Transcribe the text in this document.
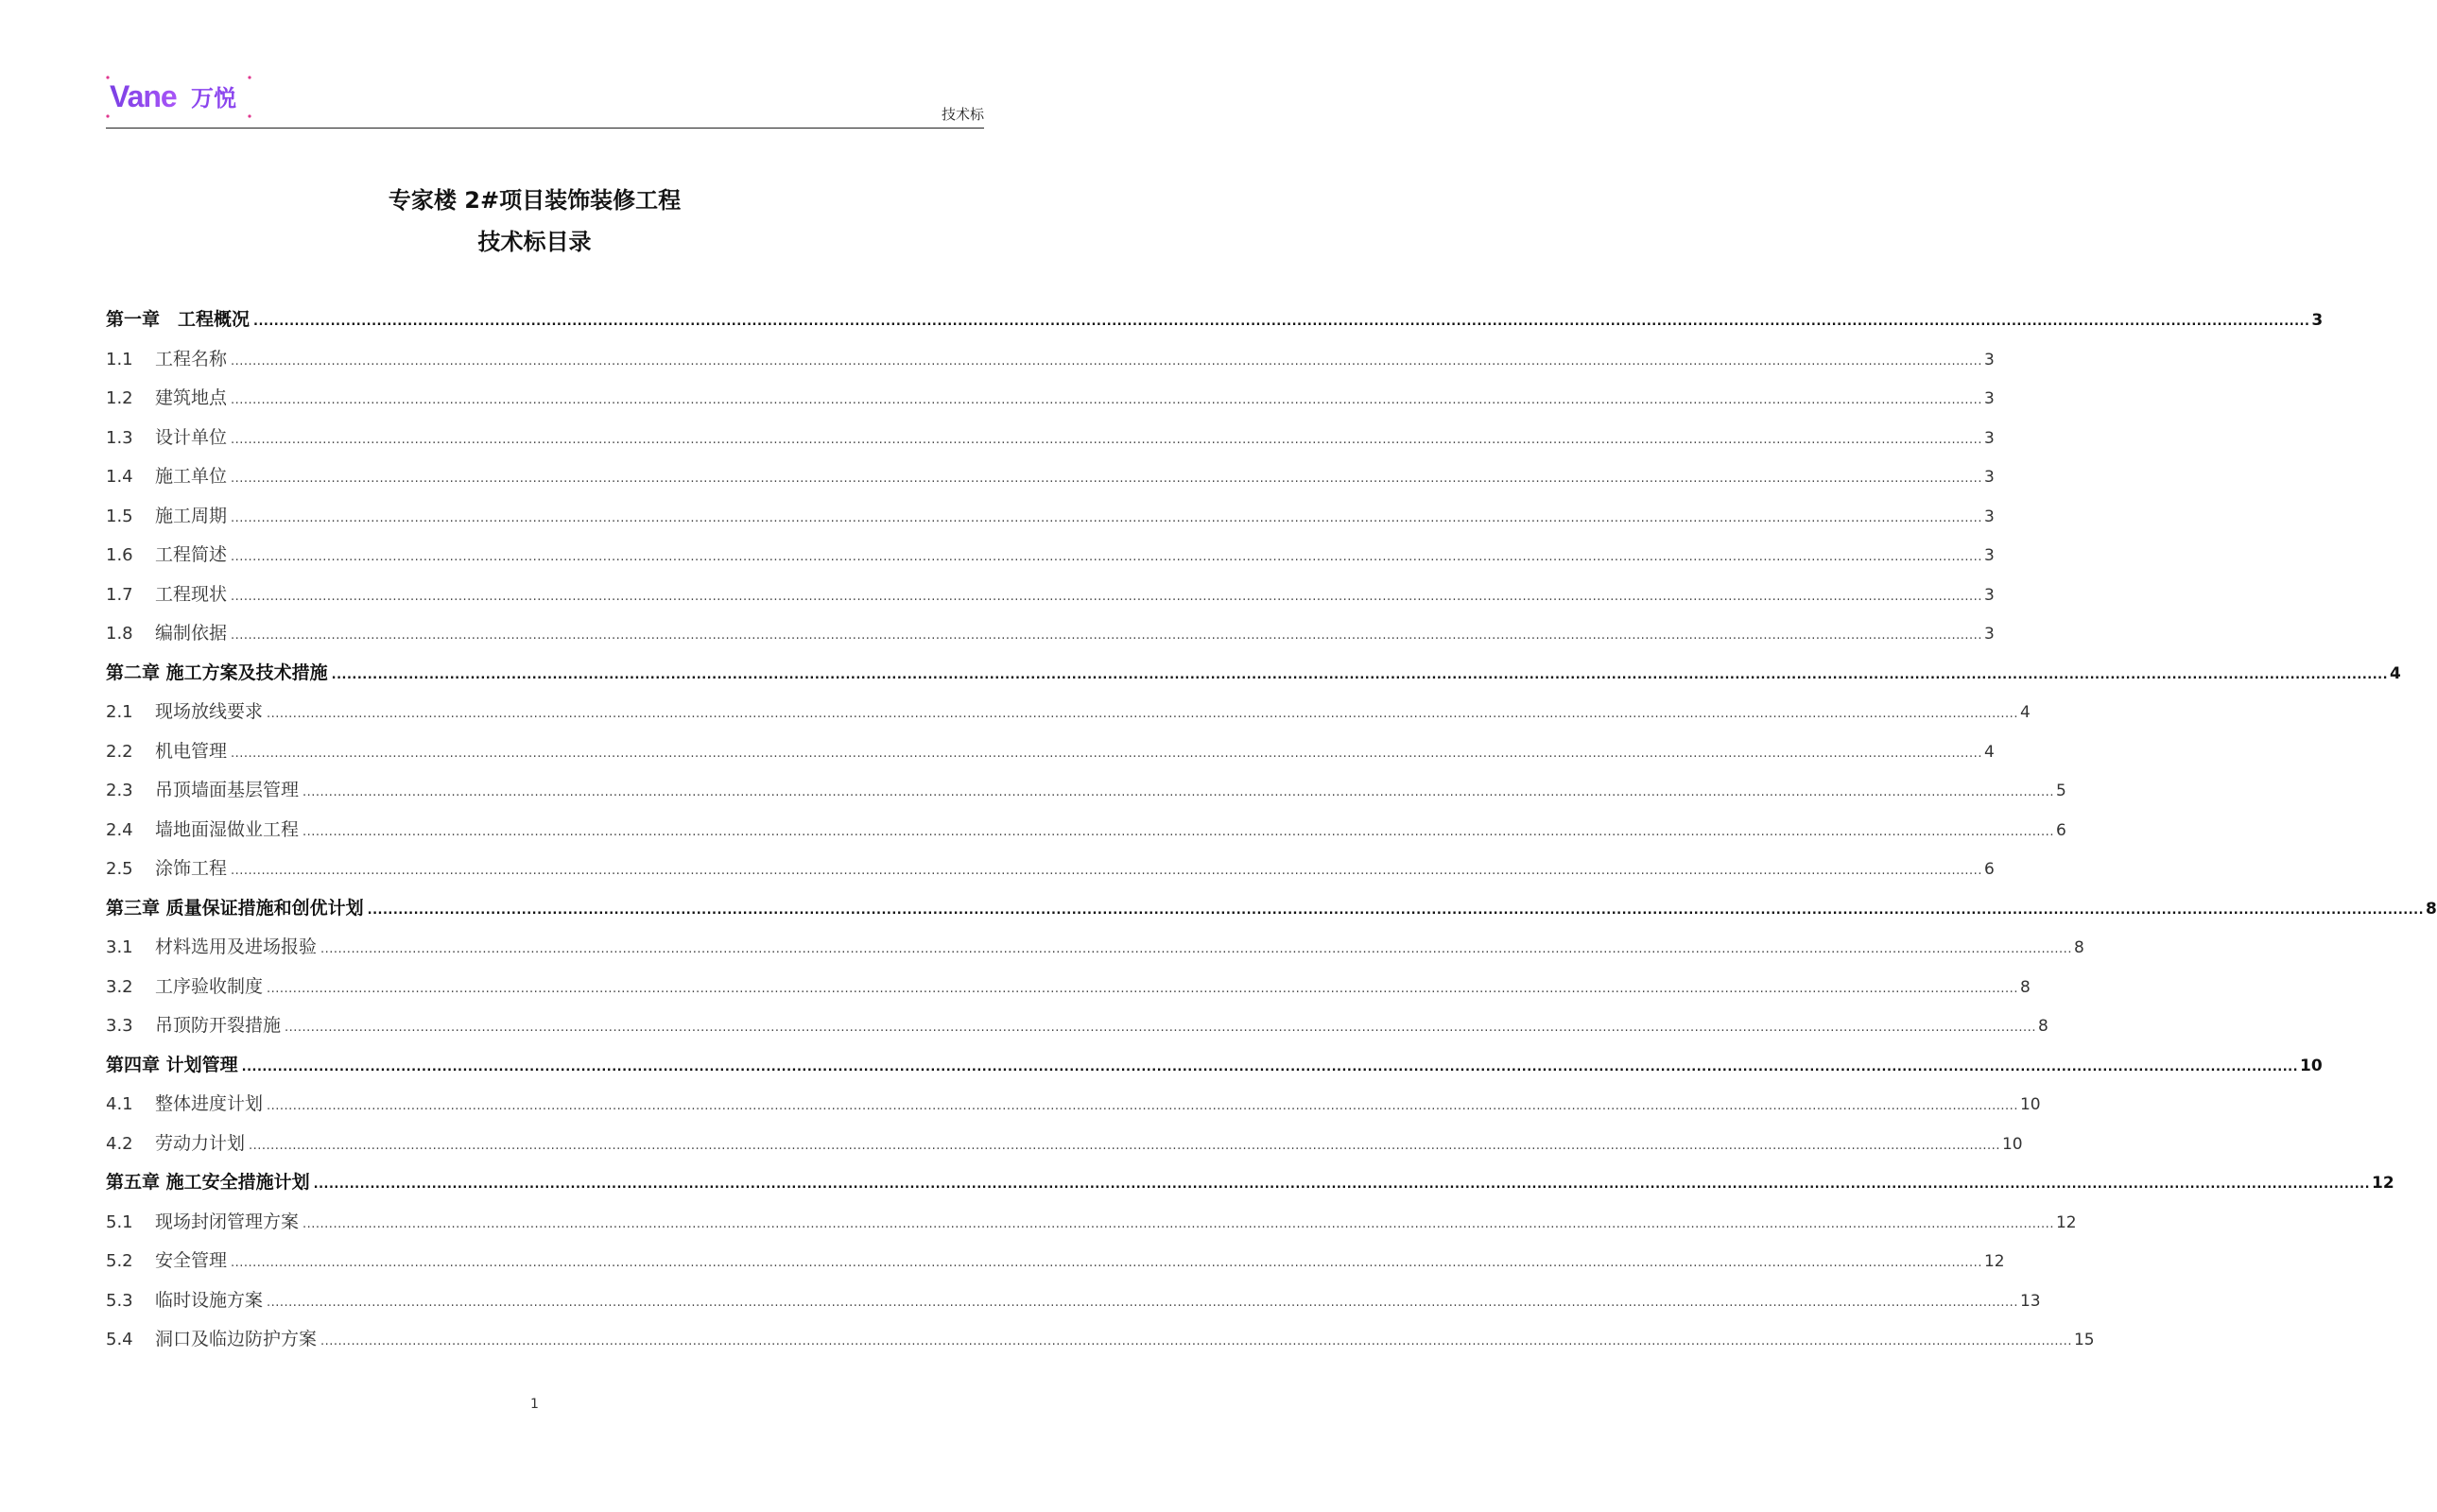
Vane 万悦
技术标
专家楼 2#项目装饰装修工程
技术标目录
第一章　工程概况 ................................................................................................................................................................................................................................................................................................................................................................................................................ 3
1.1	工程名称 ................................................................................................................................................................................................................................................................................................................................................................................................................ 3
1.2	建筑地点 ................................................................................................................................................................................................................................................................................................................................................................................................................ 3
1.3	设计单位 ................................................................................................................................................................................................................................................................................................................................................................................................................ 3
1.4	施工单位 ................................................................................................................................................................................................................................................................................................................................................................................................................ 3
1.5	施工周期 ................................................................................................................................................................................................................................................................................................................................................................................................................ 3
1.6	工程简述 ................................................................................................................................................................................................................................................................................................................................................................................................................ 3
1.7	工程现状 ................................................................................................................................................................................................................................................................................................................................................................................................................ 3
1.8	编制依据 ................................................................................................................................................................................................................................................................................................................................................................................................................ 3
第二章 施工方案及技术措施 ................................................................................................................................................................................................................................................................................................................................................................................................................ 4
2.1	现场放线要求 ................................................................................................................................................................................................................................................................................................................................................................................................................ 4
2.2	机电管理 ................................................................................................................................................................................................................................................................................................................................................................................................................ 4
2.3	吊顶墙面基层管理 ................................................................................................................................................................................................................................................................................................................................................................................................................ 5
2.4	墙地面湿做业工程 ................................................................................................................................................................................................................................................................................................................................................................................................................ 6
2.5	涂饰工程 ................................................................................................................................................................................................................................................................................................................................................................................................................ 6
第三章 质量保证措施和创优计划 ................................................................................................................................................................................................................................................................................................................................................................................................................ 8
3.1	材料选用及进场报验 ................................................................................................................................................................................................................................................................................................................................................................................................................ 8
3.2	工序验收制度 ................................................................................................................................................................................................................................................................................................................................................................................................................ 8
3.3	吊顶防开裂措施 ................................................................................................................................................................................................................................................................................................................................................................................................................ 8
第四章 计划管理 ................................................................................................................................................................................................................................................................................................................................................................................................................ 10
4.1	整体进度计划 ................................................................................................................................................................................................................................................................................................................................................................................................................ 10
4.2	劳动力计划 ................................................................................................................................................................................................................................................................................................................................................................................................................ 10
第五章 施工安全措施计划 ................................................................................................................................................................................................................................................................................................................................................................................................................ 12
5.1	现场封闭管理方案 ................................................................................................................................................................................................................................................................................................................................................................................................................ 12
5.2	安全管理 ................................................................................................................................................................................................................................................................................................................................................................................................................ 12
5.3	临时设施方案 ................................................................................................................................................................................................................................................................................................................................................................................................................ 13
5.4	洞口及临边防护方案 ................................................................................................................................................................................................................................................................................................................................................................................................................ 15
1
